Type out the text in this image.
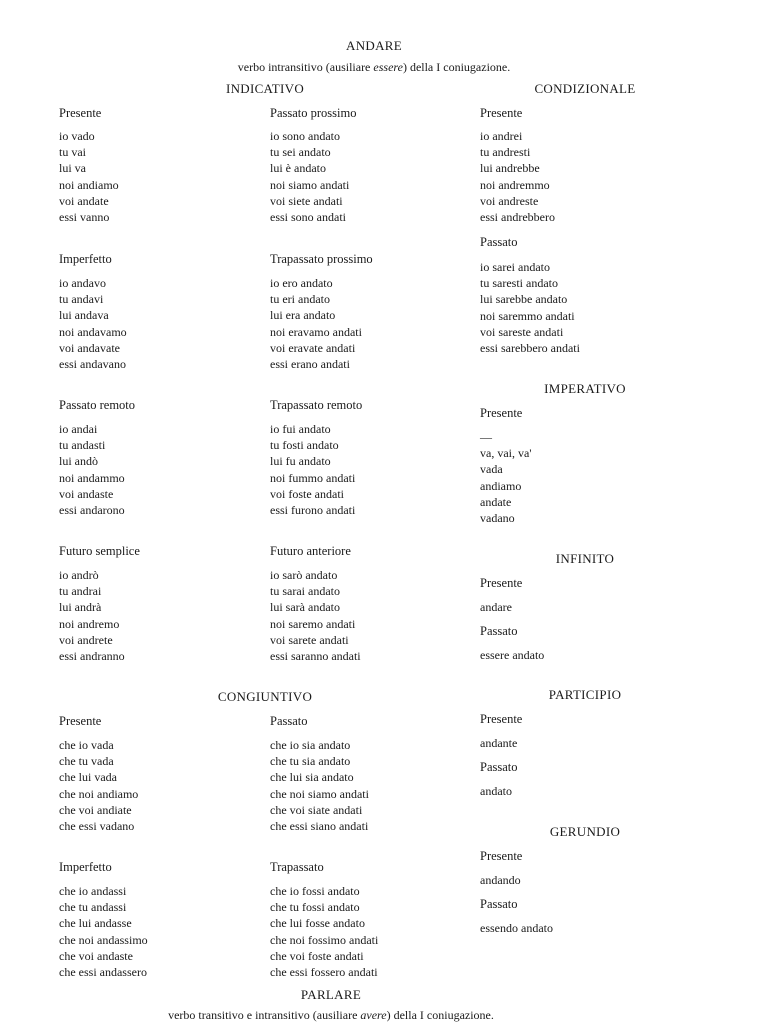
ANDARE
verbo intransitivo (ausiliare essere) della I coniugazione.
INDICATIVO	CONDIZIONALE
Presente
io vado
tu vai
lui va
noi andiamo
voi andate
essi vanno
Passato prossimo
io sono andato
tu sei andato
lui è andato
noi siamo andati
voi siete andati
essi sono andati
Presente
io andrei
tu andresti
lui andrebbe
noi andremmo
voi andreste
essi andrebbero
Passato
io sarei andato
tu saresti andato
lui sarebbe andato
noi saremmo andati
voi sareste andati
essi sarebbero andati
Imperfetto
io andavo
tu andavi
lui andava
noi andavamo
voi andavate
essi andavano
Trapassato prossimo
io ero andato
tu eri andato
lui era andato
noi eravamo andati
voi eravate andati
essi erano andati
IMPERATIVO
Presente
—
va, vai, va'
vada
andiamo
andate
vadano
Passato remoto
io andai
tu andasti
lui andò
noi andammo
voi andaste
essi andarono
Trapassato remoto
io fui andato
tu fosti andato
lui fu andato
noi fummo andati
voi foste andati
essi furono andati
Futuro semplice
io andrò
tu andrai
lui andrà
noi andremo
voi andrete
essi andranno
Futuro anteriore
io sarò andato
tu sarai andato
lui sarà andato
noi saremo andati
voi sarete andati
essi saranno andati
INFINITO
Presente
andare
Passato
essere andato
CONGIUNTIVO
Presente
che io vada
che tu vada
che lui vada
che noi andiamo
che voi andiate
che essi vadano
Passato
che io sia andato
che tu sia andato
che lui sia andato
che noi siamo andati
che voi siate andati
che essi siano andati
PARTICIPIO
Presente
andante
Passato
andato
GERUNDIO
Presente
andando
Passato
essendo andato
Imperfetto
che io andassi
che tu andassi
che lui andasse
che noi andassimo
che voi andaste
che essi andassero
Trapassato
che io fossi andato
che tu fossi andato
che lui fosse andato
che noi fossimo andati
che voi foste andati
che essi fossero andati
PARLARE
verbo transitivo e intransitivo (ausiliare avere) della I coniugazione.
